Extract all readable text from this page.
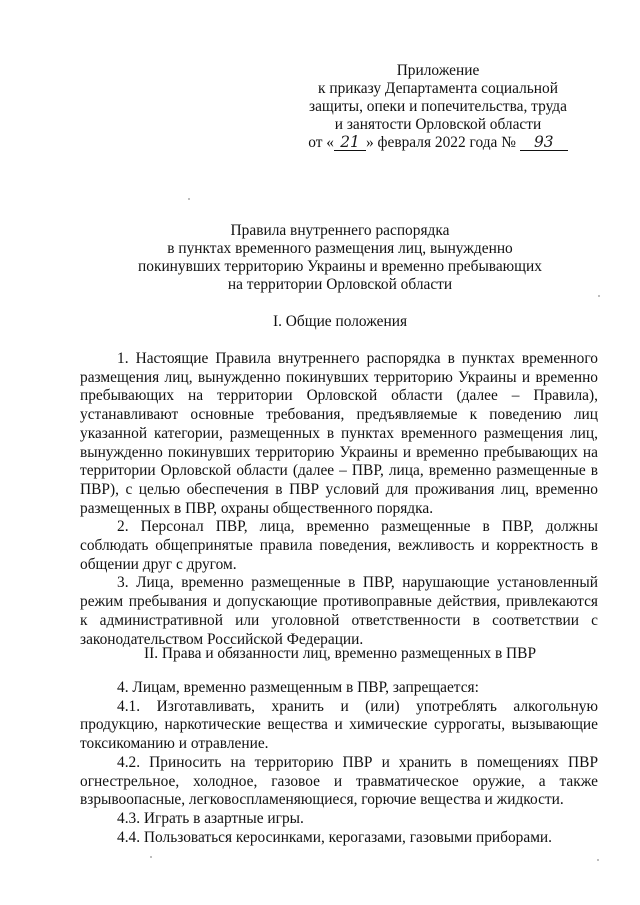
Приложение
к приказу Департамента социальной
защиты, опеки и попечительства, труда
и занятости Орловской области
от « 21 » февраля 2022 года № 93
Правила внутреннего распорядка
в пунктах временного размещения лиц, вынужденно
покинувших территорию Украины и временно пребывающих
на территории Орловской области
I. Общие положения

1. Настоящие Правила внутреннего распорядка в пунктах временного размещения лиц, вынужденно покинувших территорию Украины и временно пребывающих на территории Орловской области (далее – Правила), устанавливают основные требования, предъявляемые к поведению лиц указанной категории, размещенных в пунктах временного размещения лиц, вынужденно покинувших территорию Украины и временно пребывающих на территории Орловской области (далее – ПВР, лица, временно размещенные в ПВР), с целью обеспечения в ПВР условий для проживания лиц, временно размещенных в ПВР, охраны общественного порядка.

2. Персонал ПВР, лица, временно размещенные в ПВР, должны соблюдать общепринятые правила поведения, вежливость и корректность в общении друг с другом.

3. Лица, временно размещенные в ПВР, нарушающие установленный режим пребывания и допускающие противоправные действия, привлекаются к административной или уголовной ответственности в соответствии с законодательством Российской Федерации.

II. Права и обязанности лиц, временно размещенных в ПВР

4. Лицам, временно размещенным в ПВР, запрещается:

4.1. Изготавливать, хранить и (или) употреблять алкогольную продукцию, наркотические вещества и химические суррогаты, вызывающие токсикоманию и отравление.

4.2. Приносить на территорию ПВР и хранить в помещениях ПВР огнестрельное, холодное, газовое и травматическое оружие, а также взрывоопасные, легковоспламеняющиеся, горючие вещества и жидкости.

4.3. Играть в азартные игры.

4.4. Пользоваться керосинками, керогазами, газовыми приборами.
